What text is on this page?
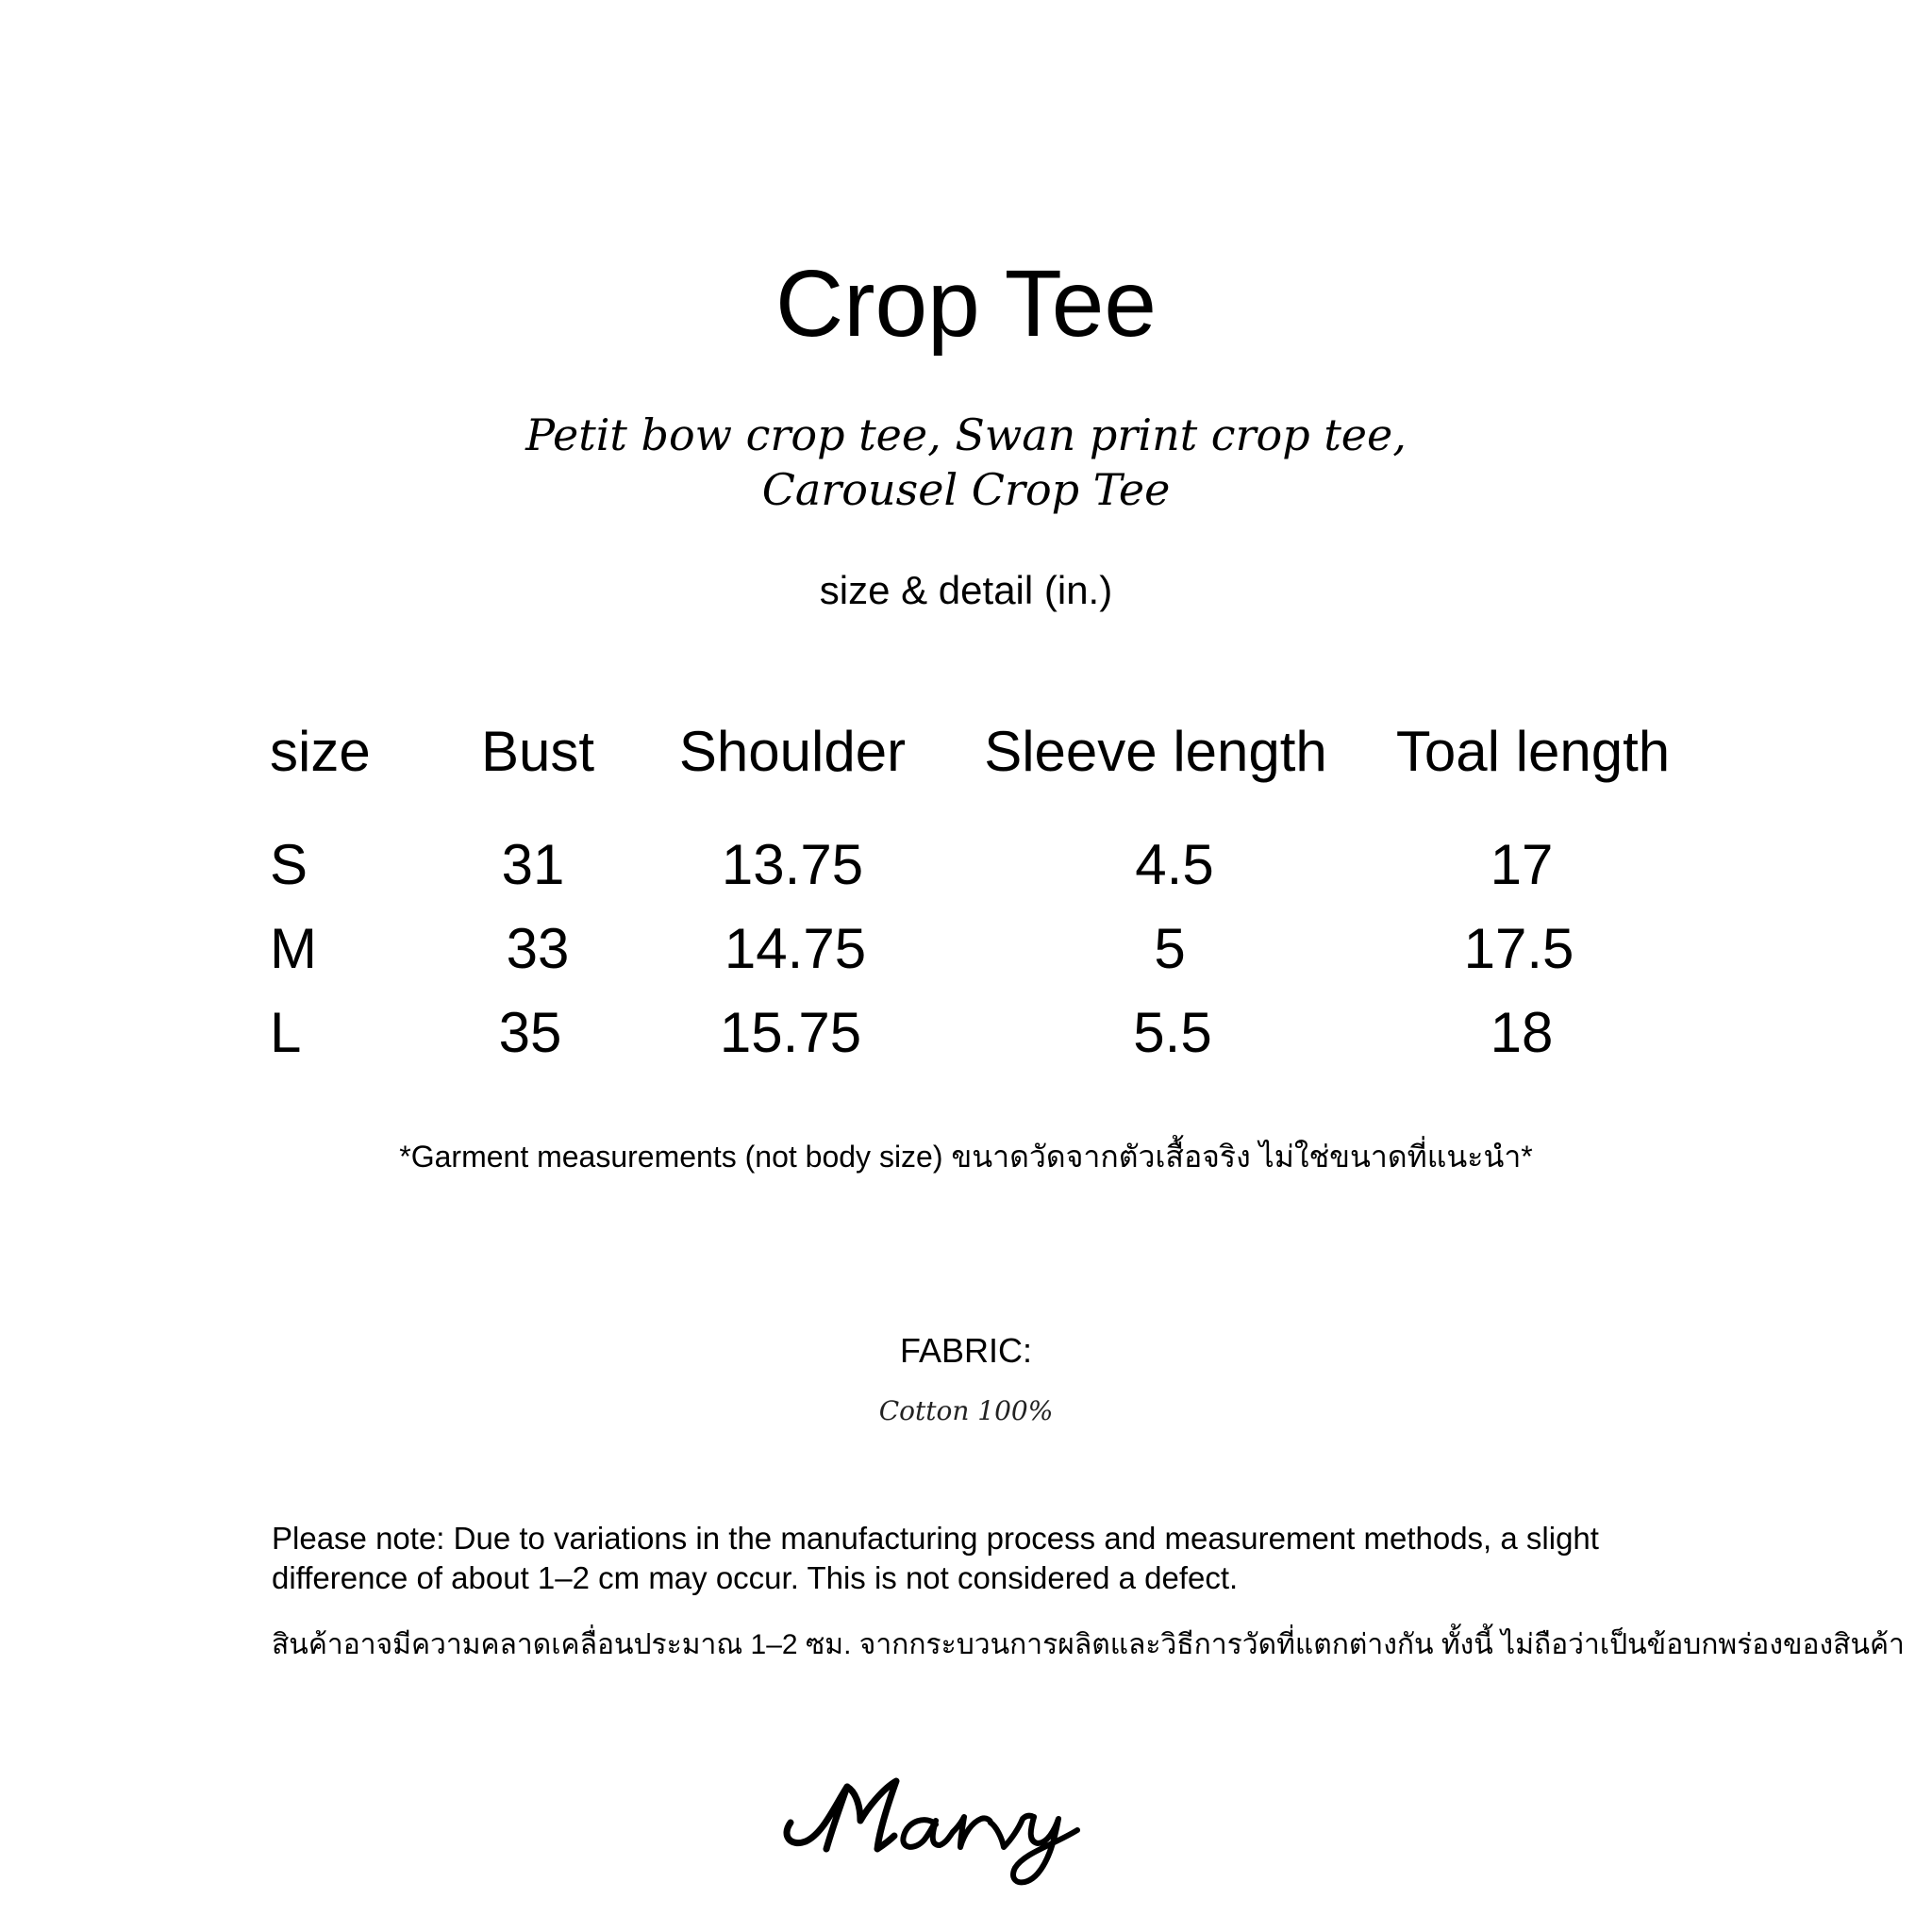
Crop Tee
Petit bow crop tee, Swan print crop tee,
Carousel Crop Tee
size & detail (in.)
size	Bust	Shoulder	Sleeve length	Toal length
S	31	13.75	4.5	17
M	33	14.75	5	17.5
L	35	15.75	5.5	18
*Garment measurements (not body size) ขนาดวัดจากตัวเสื้อจริง ไม่ใช่ขนาดที่แนะนำ*
FABRIC:
Cotton 100%
Please note: Due to variations in the manufacturing process and measurement methods, a slight difference of about 1–2 cm may occur. This is not considered a defect.
สินค้าอาจมีความคลาดเคลื่อนประมาณ 1–2 ซม. จากกระบวนการผลิตและวิธีการวัดที่แตกต่างกัน ทั้งนี้ ไม่ถือว่าเป็นข้อบกพร่องของสินค้า
Marvy
